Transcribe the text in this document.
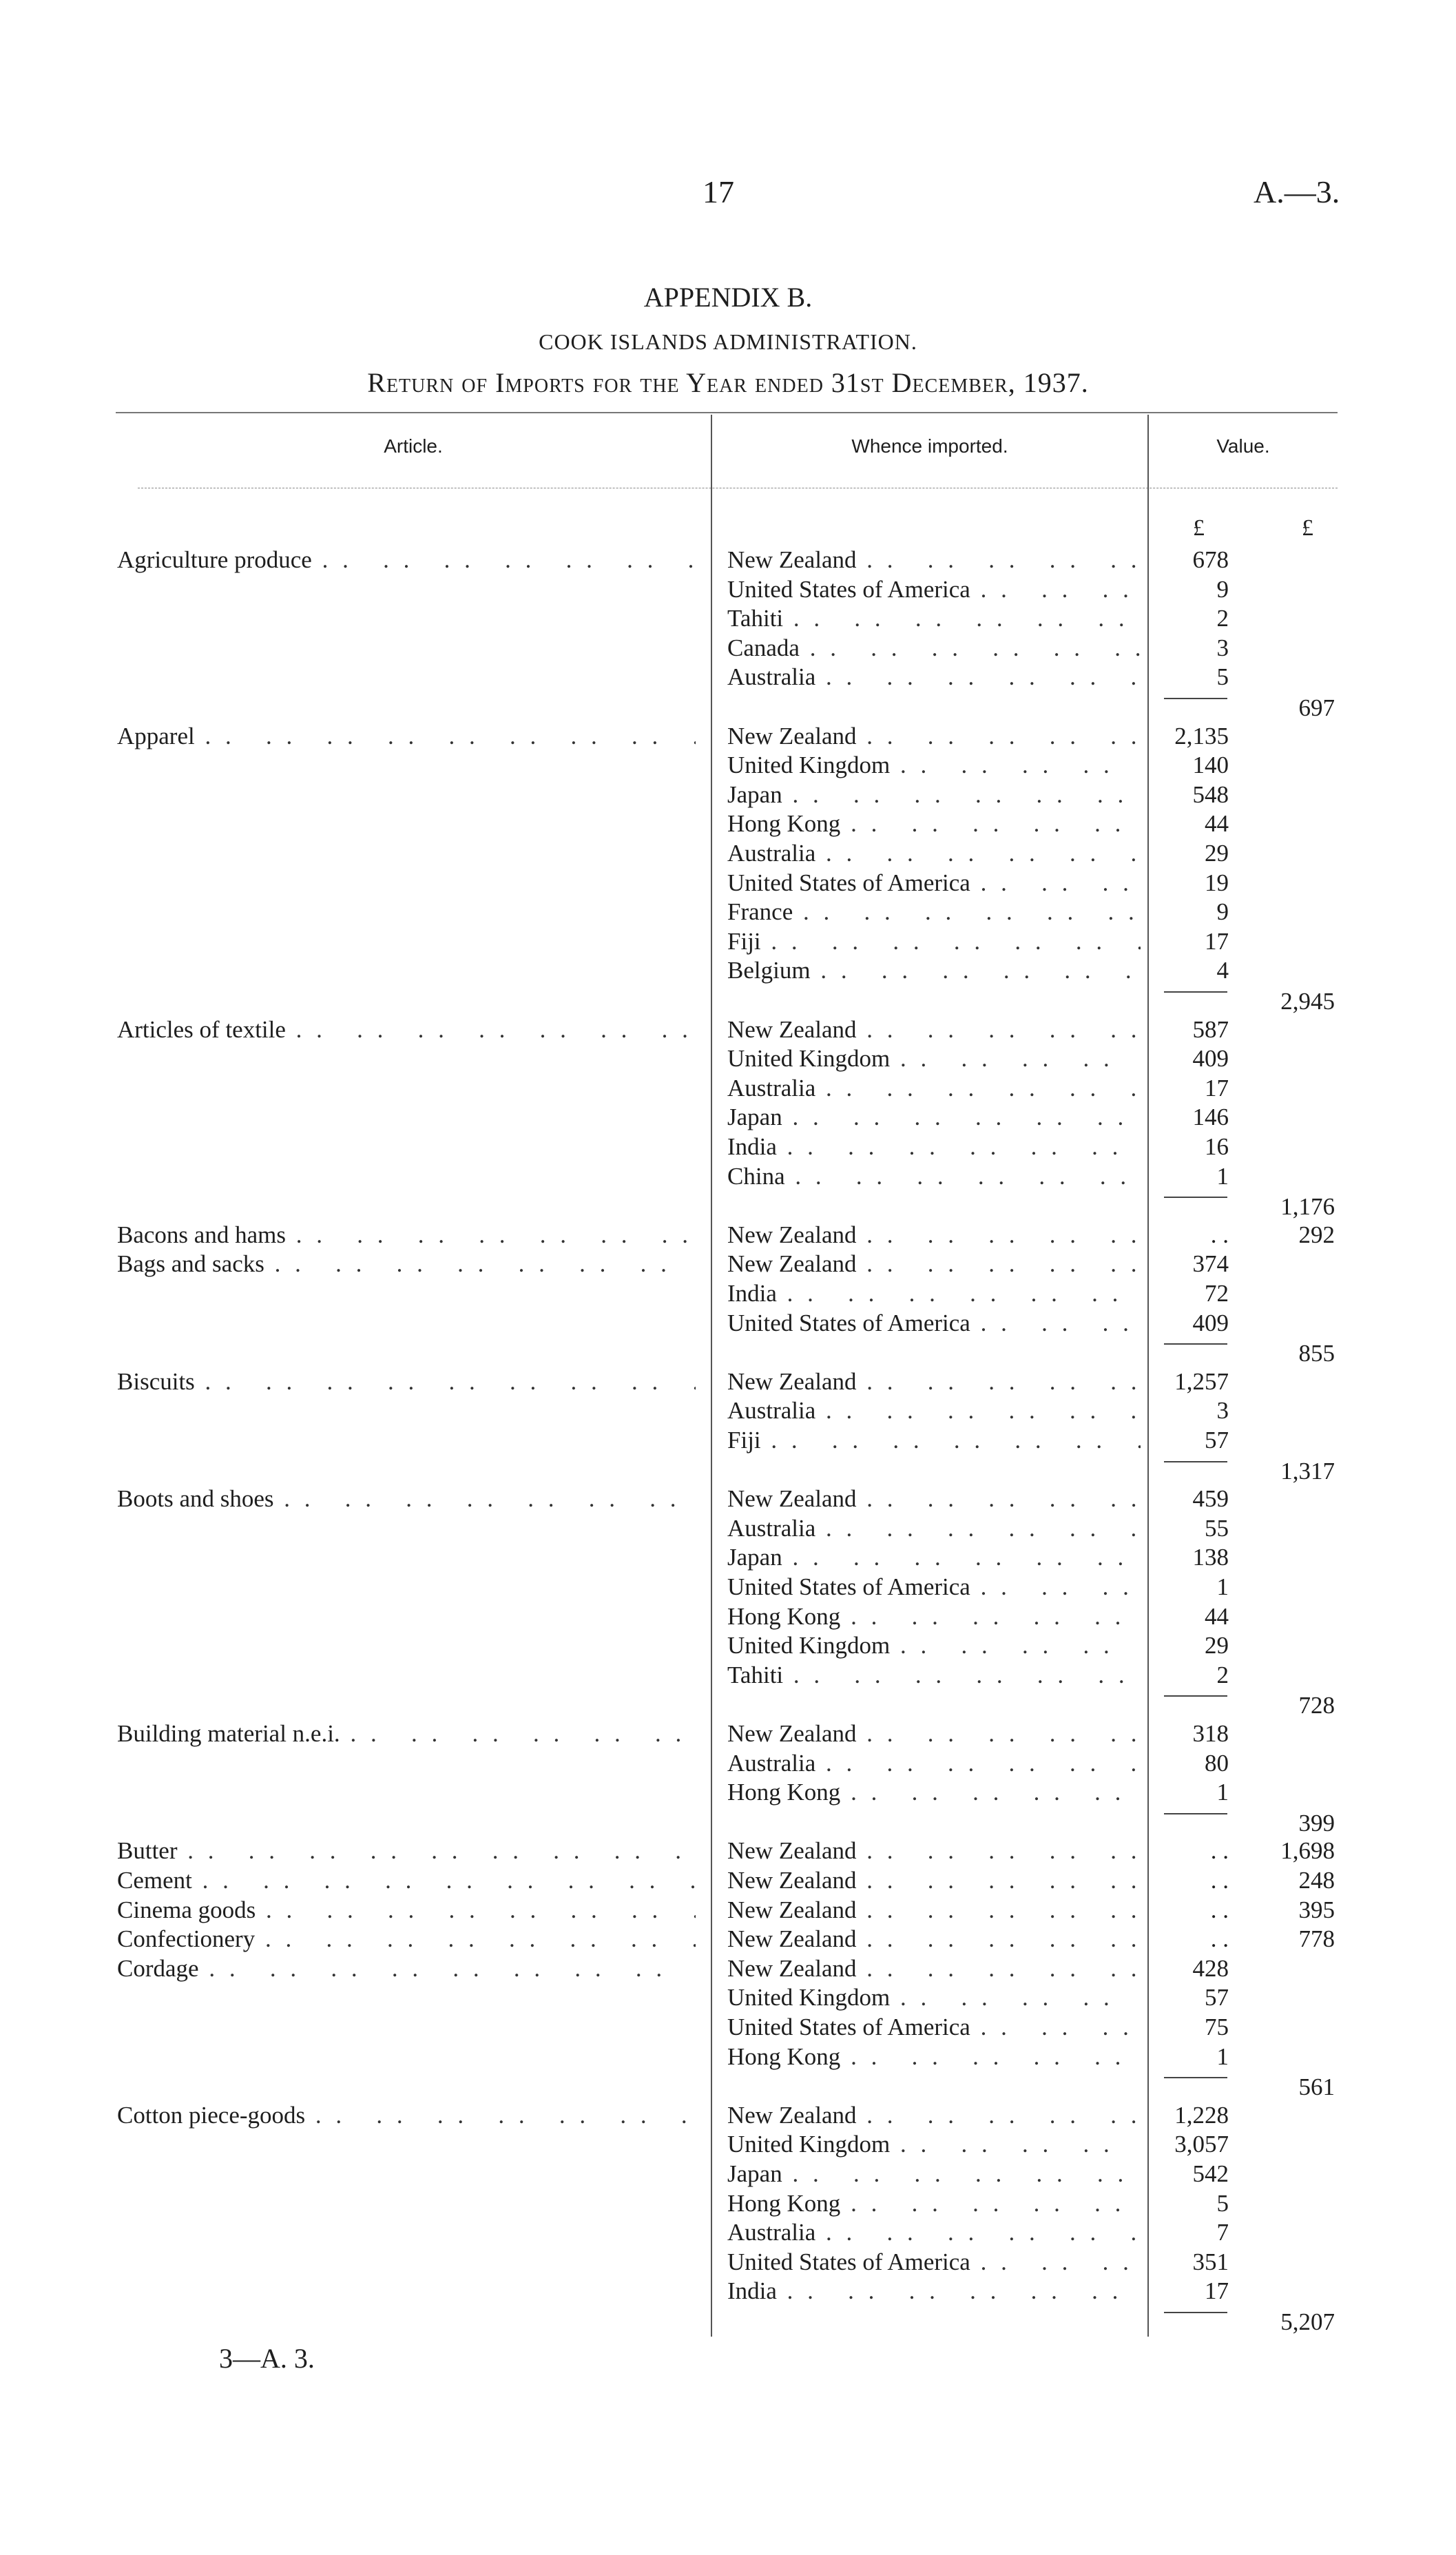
17	A.—3.
APPENDIX B.
COOK ISLANDS ADMINISTRATION.
Return of Imports for the Year ended 31st December, 1937.
Article.	Whence imported.	Value.
£	£
Agriculture produce . .	New Zealand . .	678
United States of America . .	9
Tahiti . .	2
Canada . .	3
Australia . .	5
697
Apparel . .	New Zealand . .	2,135
United Kingdom . .	140
Japan . .	548
Hong Kong . .	44
Australia . .	29
United States of America . .	19
France . .	9
Fiji . .	17
Belgium . .	4
2,945
Articles of textile . .	New Zealand . .	587
United Kingdom . .	409
Australia . .	17
Japan . .	146
India . .	16
China . .	1
1,176
Bacons and hams . .	New Zealand . .	. .	292
Bags and sacks . .	New Zealand . .	374
India . .	72
United States of America . .	409
855
Biscuits . .	New Zealand . .	1,257
Australia . .	3
Fiji . .	57
1,317
Boots and shoes . .	New Zealand . .	459
Australia . .	55
Japan . .	138
United States of America . .	1
Hong Kong . .	44
United Kingdom . .	29
Tahiti . .	2
728
Building material n.e.i. . .	New Zealand . .	318
Australia . .	80
Hong Kong . .	1
399
Butter . .	New Zealand . .	. .	1,698
Cement . .	New Zealand . .	. .	248
Cinema goods . .	New Zealand . .	. .	395
Confectionery . .	New Zealand . .	. .	778
Cordage . .	New Zealand . .	428
United Kingdom . .	57
United States of America . .	75
Hong Kong . .	1
561
Cotton piece-goods . .	New Zealand . .	1,228
United Kingdom . .	3,057
Japan . .	542
Hong Kong . .	5
Australia . .	7
United States of America . .	351
India . .	17
5,207
3—A. 3.
